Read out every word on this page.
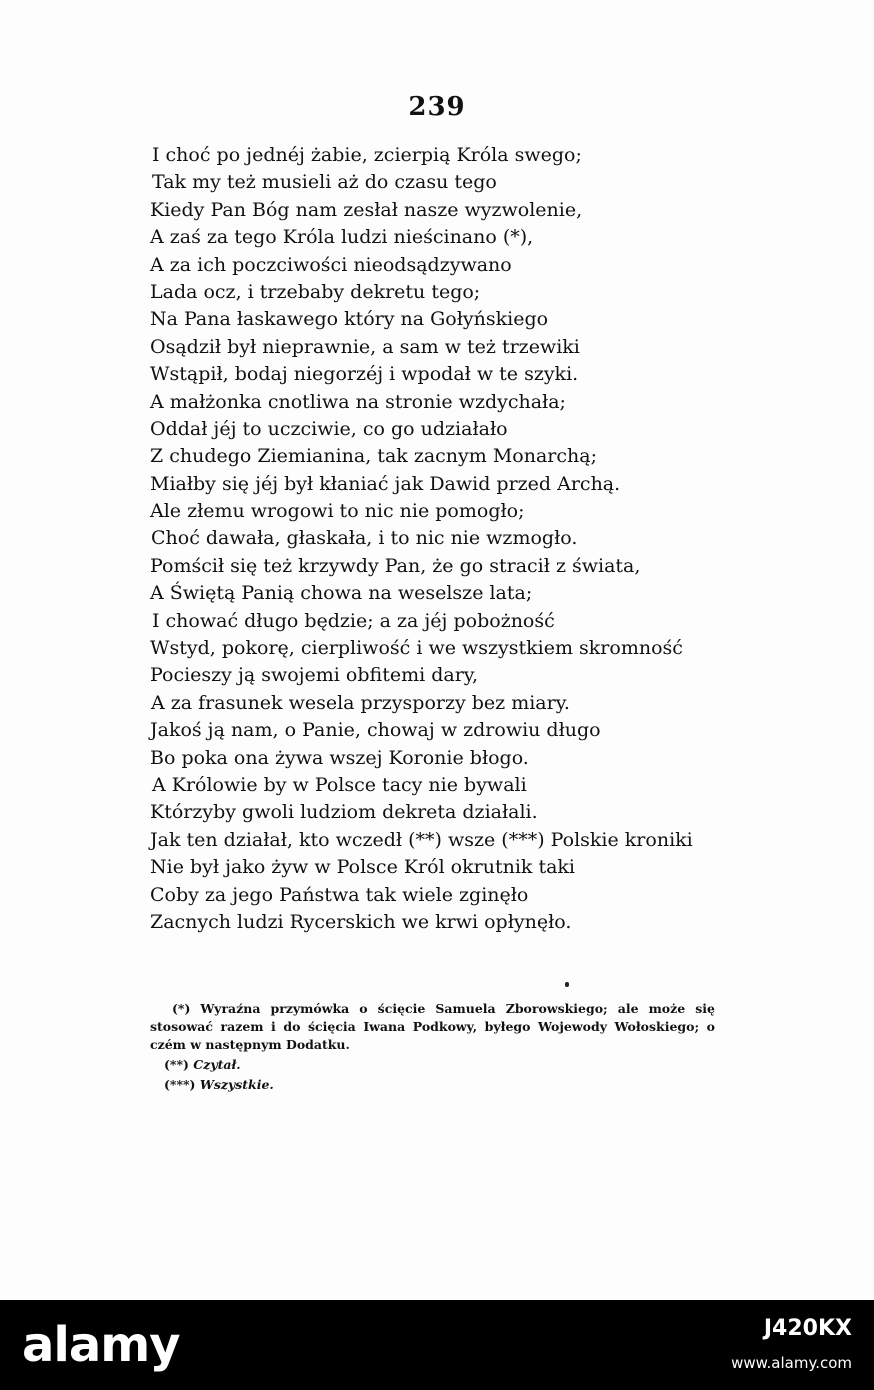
239
I choć po jednéj żabie, zcierpią Króla swego;
Tak my też musieli aż do czasu tego
Kiedy Pan Bóg nam zesłał nasze wyzwolenie,
A zaś za tego Króla ludzi nieścinano (*),
A za ich poczciwości nieodsądzywano
Lada ocz, i trzebaby dekretu tego;
Na Pana łaskawego który na Gołyńskiego
Osądził był nieprawnie, a sam w też trzewiki
Wstąpił, bodaj niegorzéj i wpodał w te szyki.
A małżonka cnotliwa na stronie wzdychała;
Oddał jéj to uczciwie, co go udziałało
Z chudego Ziemianina, tak zacnym Monarchą;
Miałby się jéj był kłaniać jak Dawid przed Archą.
Ale złemu wrogowi to nic nie pomogło;
Choć dawała, głaskała, i to nic nie wzmogło.
Pomścił się też krzywdy Pan, że go stracił z świata,
A Świętą Panią chowa na weselsze lata;
I chować długo będzie; a za jéj pobożność
Wstyd, pokorę, cierpliwość i we wszystkiem skromność
Pocieszy ją swojemi obfitemi dary,
A za frasunek wesela przysporzy bez miary.
Jakoś ją nam, o Panie, chowaj w zdrowiu długo
Bo poka ona żywa wszej Koronie błogo.
A Królowie by w Polsce tacy nie bywali
Którzyby gwoli ludziom dekreta działali.
Jak ten działał, kto wczedł (**) wsze (***) Polskie kroniki
Nie był jako żyw w Polsce Król okrutnik taki
Coby za jego Państwa tak wiele zginęło
Zacnych ludzi Rycerskich we krwi opłynęło.

(*) Wyraźna przymówka o ścięcie Samuela Zborowskiego; ale może się stosować razem i do ścięcia Iwana Podkowy, byłego Wojewody Wołoskiego; o czém w następnym Dodatku.

(**) Czytał.

(***) Wszystkie.

alamy	J420KX
www.alamy.com
